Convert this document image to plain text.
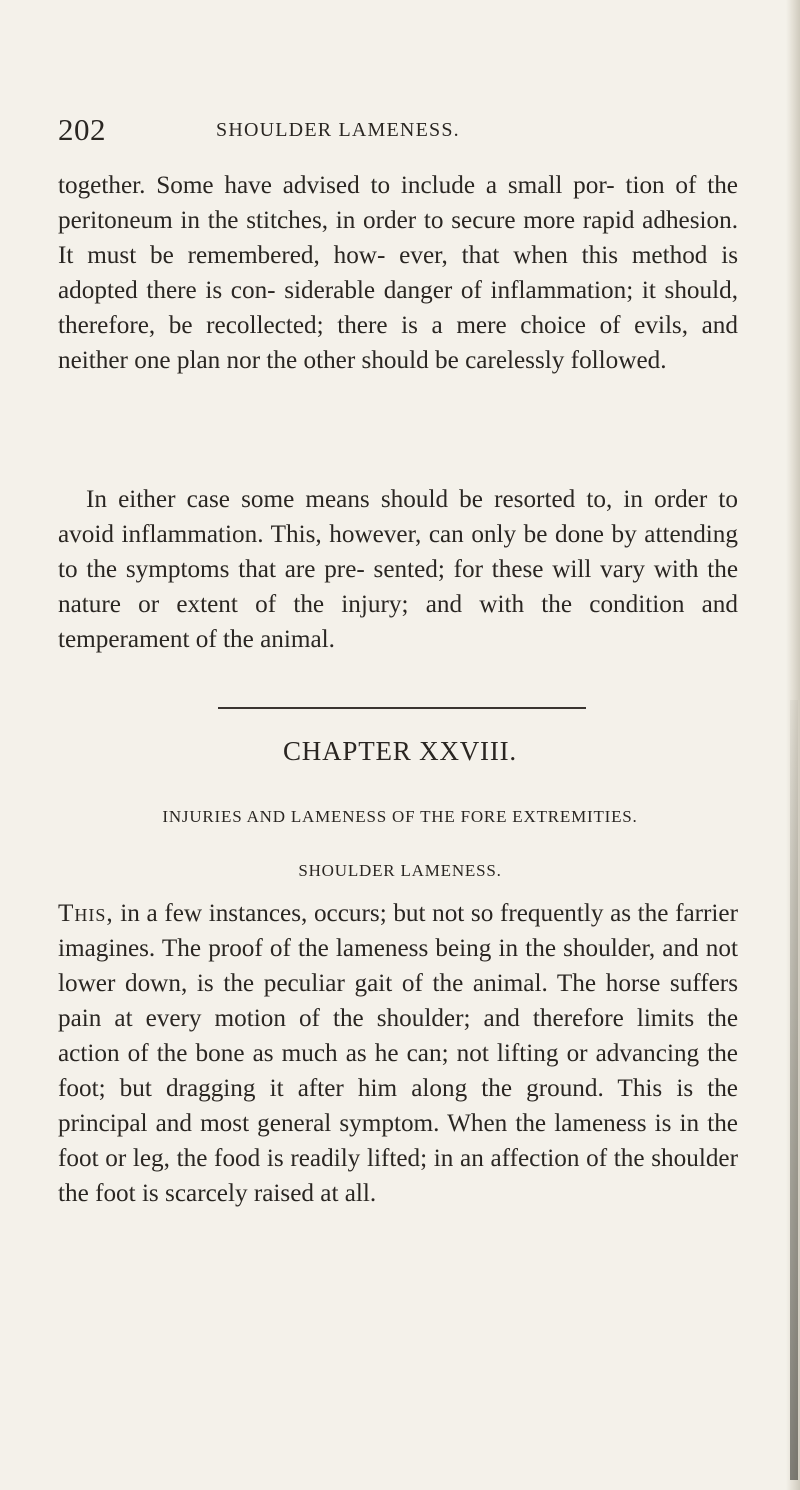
202	SHOULDER LAMENESS.

together. Some have advised to include a small por- tion of the peritoneum in the stitches, in order to secure more rapid adhesion. It must be remembered, how- ever, that when this method is adopted there is con- siderable danger of inflammation; it should, therefore, be recollected; there is a mere choice of evils, and neither one plan nor the other should be carelessly followed.

In either case some means should be resorted to, in order to avoid inflammation. This, however, can only be done by attending to the symptoms that are pre- sented; for these will vary with the nature or extent of the injury; and with the condition and temperament of the animal.

CHAPTER XXVIII.
INJURIES AND LAMENESS OF THE FORE EXTREMITIES.
SHOULDER LAMENESS.

This, in a few instances, occurs; but not so frequently as the farrier imagines. The proof of the lameness being in the shoulder, and not lower down, is the peculiar gait of the animal. The horse suffers pain at every motion of the shoulder; and therefore limits the action of the bone as much as he can; not lifting or advancing the foot; but dragging it after him along the ground. This is the principal and most general symptom. When the lameness is in the foot or leg, the food is readily lifted; in an affection of the shoulder the foot is scarcely raised at all.
